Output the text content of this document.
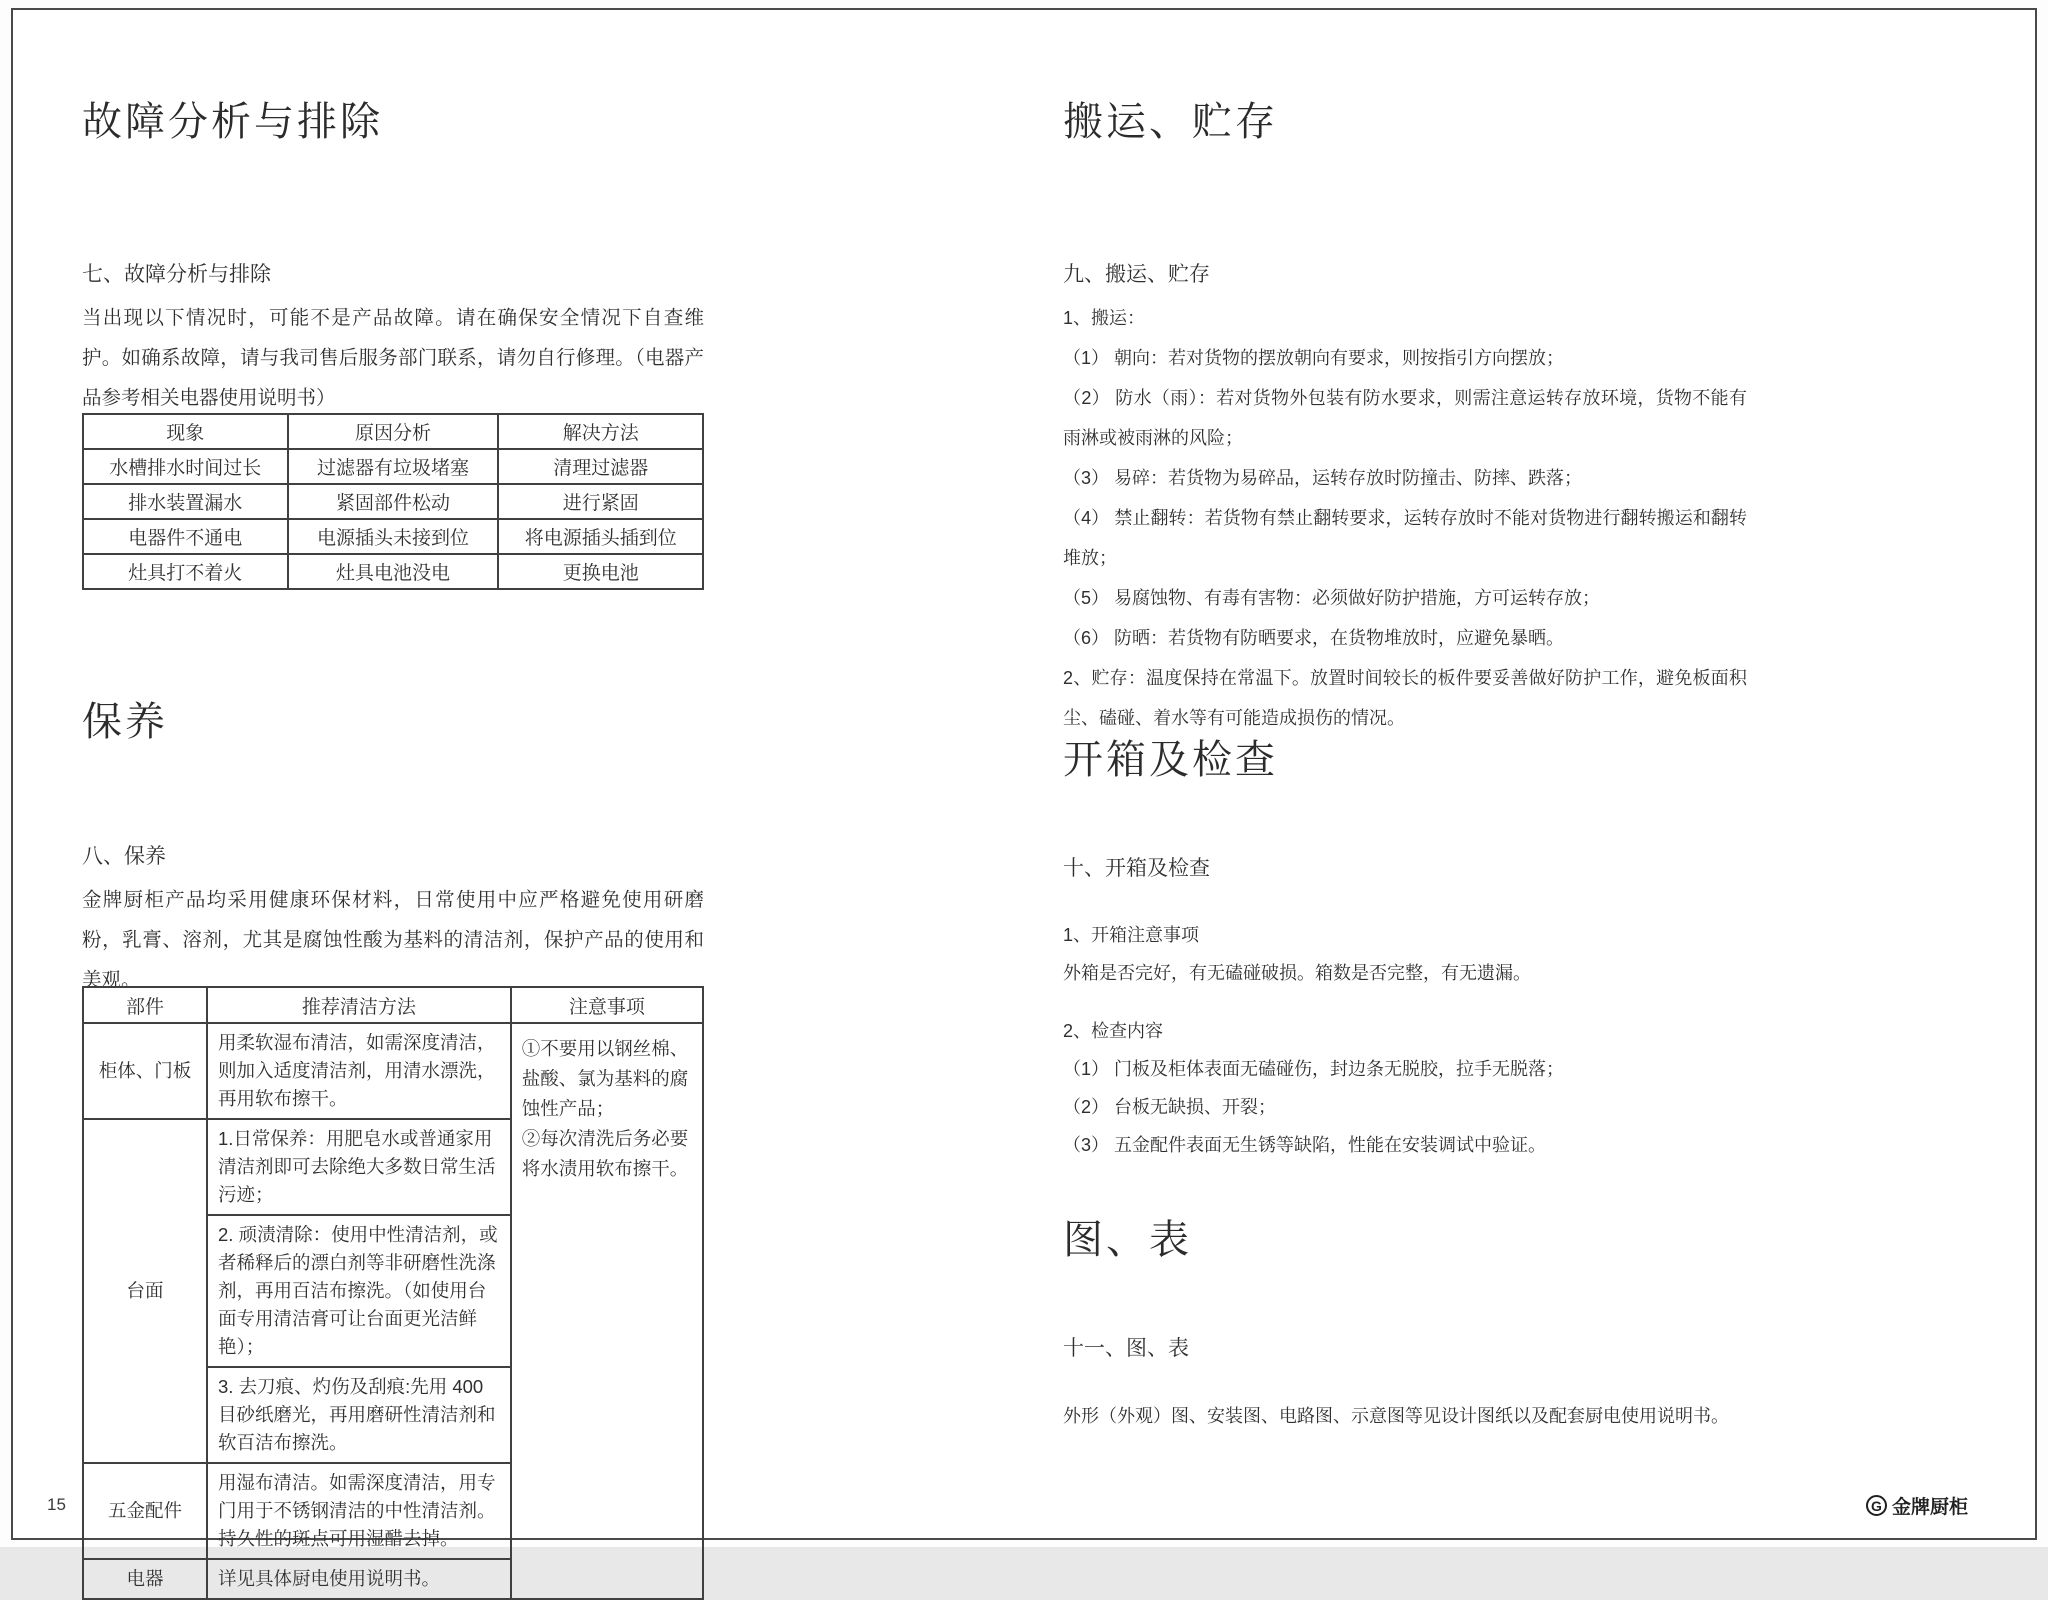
故障分析与排除
七、故障分析与排除

当出现以下情况时，可能不是产品故障。请在确保安全情况下自查维护。如确系故障，请与我司售后服务部门联系，请勿自行修理。（电器产品参考相关电器使用说明书）

现象	原因分析	解决方法
水槽排水时间过长	过滤器有垃圾堵塞	清理过滤器
排水装置漏水	紧固部件松动	进行紧固
电器件不通电	电源插头未接到位	将电源插头插到位
灶具打不着火	灶具电池没电	更换电池
保养
八、保养

金牌厨柜产品均采用健康环保材料，日常使用中应严格避免使用研磨粉，乳膏、溶剂，尤其是腐蚀性酸为基料的清洁剂，保护产品的使用和美观。

部件	推荐清洁方法	注意事项
柜体、门板	用柔软湿布清洁，如需深度清洁，则加入适度清洁剂，用清水漂洗，再用软布擦干。	①不要用以钢丝棉、盐酸、氯为基料的腐蚀性产品；

②每次清洗后务必要将水渍用软布擦干。

台面	1.日常保养：用肥皂水或普通家用清洁剂即可去除绝大多数日常生活污迹；	
	2. 顽渍清除：使用中性清洁剂，或者稀释后的漂白剂等非研磨性洗涤剂，再用百洁布擦洗。（如使用台面专用清洁膏可让台面更光洁鲜艳）；	
	3. 去刀痕、灼伤及刮痕:先用 400 目砂纸磨光，再用磨研性清洁剂和软百洁布擦洗。	
五金配件	用湿布清洁。如需深度清洁，用专门用于不锈钢清洁的中性清洁剂。持久性的斑点可用湿醋去掉。	
电器	详见具体厨电使用说明书。	
搬运、贮存
九、搬运、贮存

1、搬运：

（1） 朝向：若对货物的摆放朝向有要求，则按指引方向摆放；

（2） 防水（雨）：若对货物外包装有防水要求，则需注意运转存放环境，货物不能有雨淋或被雨淋的风险；

（3） 易碎：若货物为易碎品，运转存放时防撞击、防摔、跌落；

（4） 禁止翻转：若货物有禁止翻转要求，运转存放时不能对货物进行翻转搬运和翻转堆放；

（5） 易腐蚀物、有毒有害物：必须做好防护措施，方可运转存放；

（6） 防晒：若货物有防晒要求，在货物堆放时，应避免暴晒。

2、贮存：温度保持在常温下。放置时间较长的板件要妥善做好防护工作，避免板面积尘、磕碰、着水等有可能造成损伤的情况。

开箱及检查
十、开箱及检查

1、开箱注意事项

外箱是否完好，有无磕碰破损。箱数是否完整，有无遗漏。

2、检查内容

（1） 门板及柜体表面无磕碰伤，封边条无脱胶，拉手无脱落；

（2） 台板无缺损、开裂；

（3） 五金配件表面无生锈等缺陷，性能在安装调试中验证。

图、表
十一、图、表

外形（外观）图、安装图、电路图、示意图等见设计图纸以及配套厨电使用说明书。

15	G 金牌厨柜
